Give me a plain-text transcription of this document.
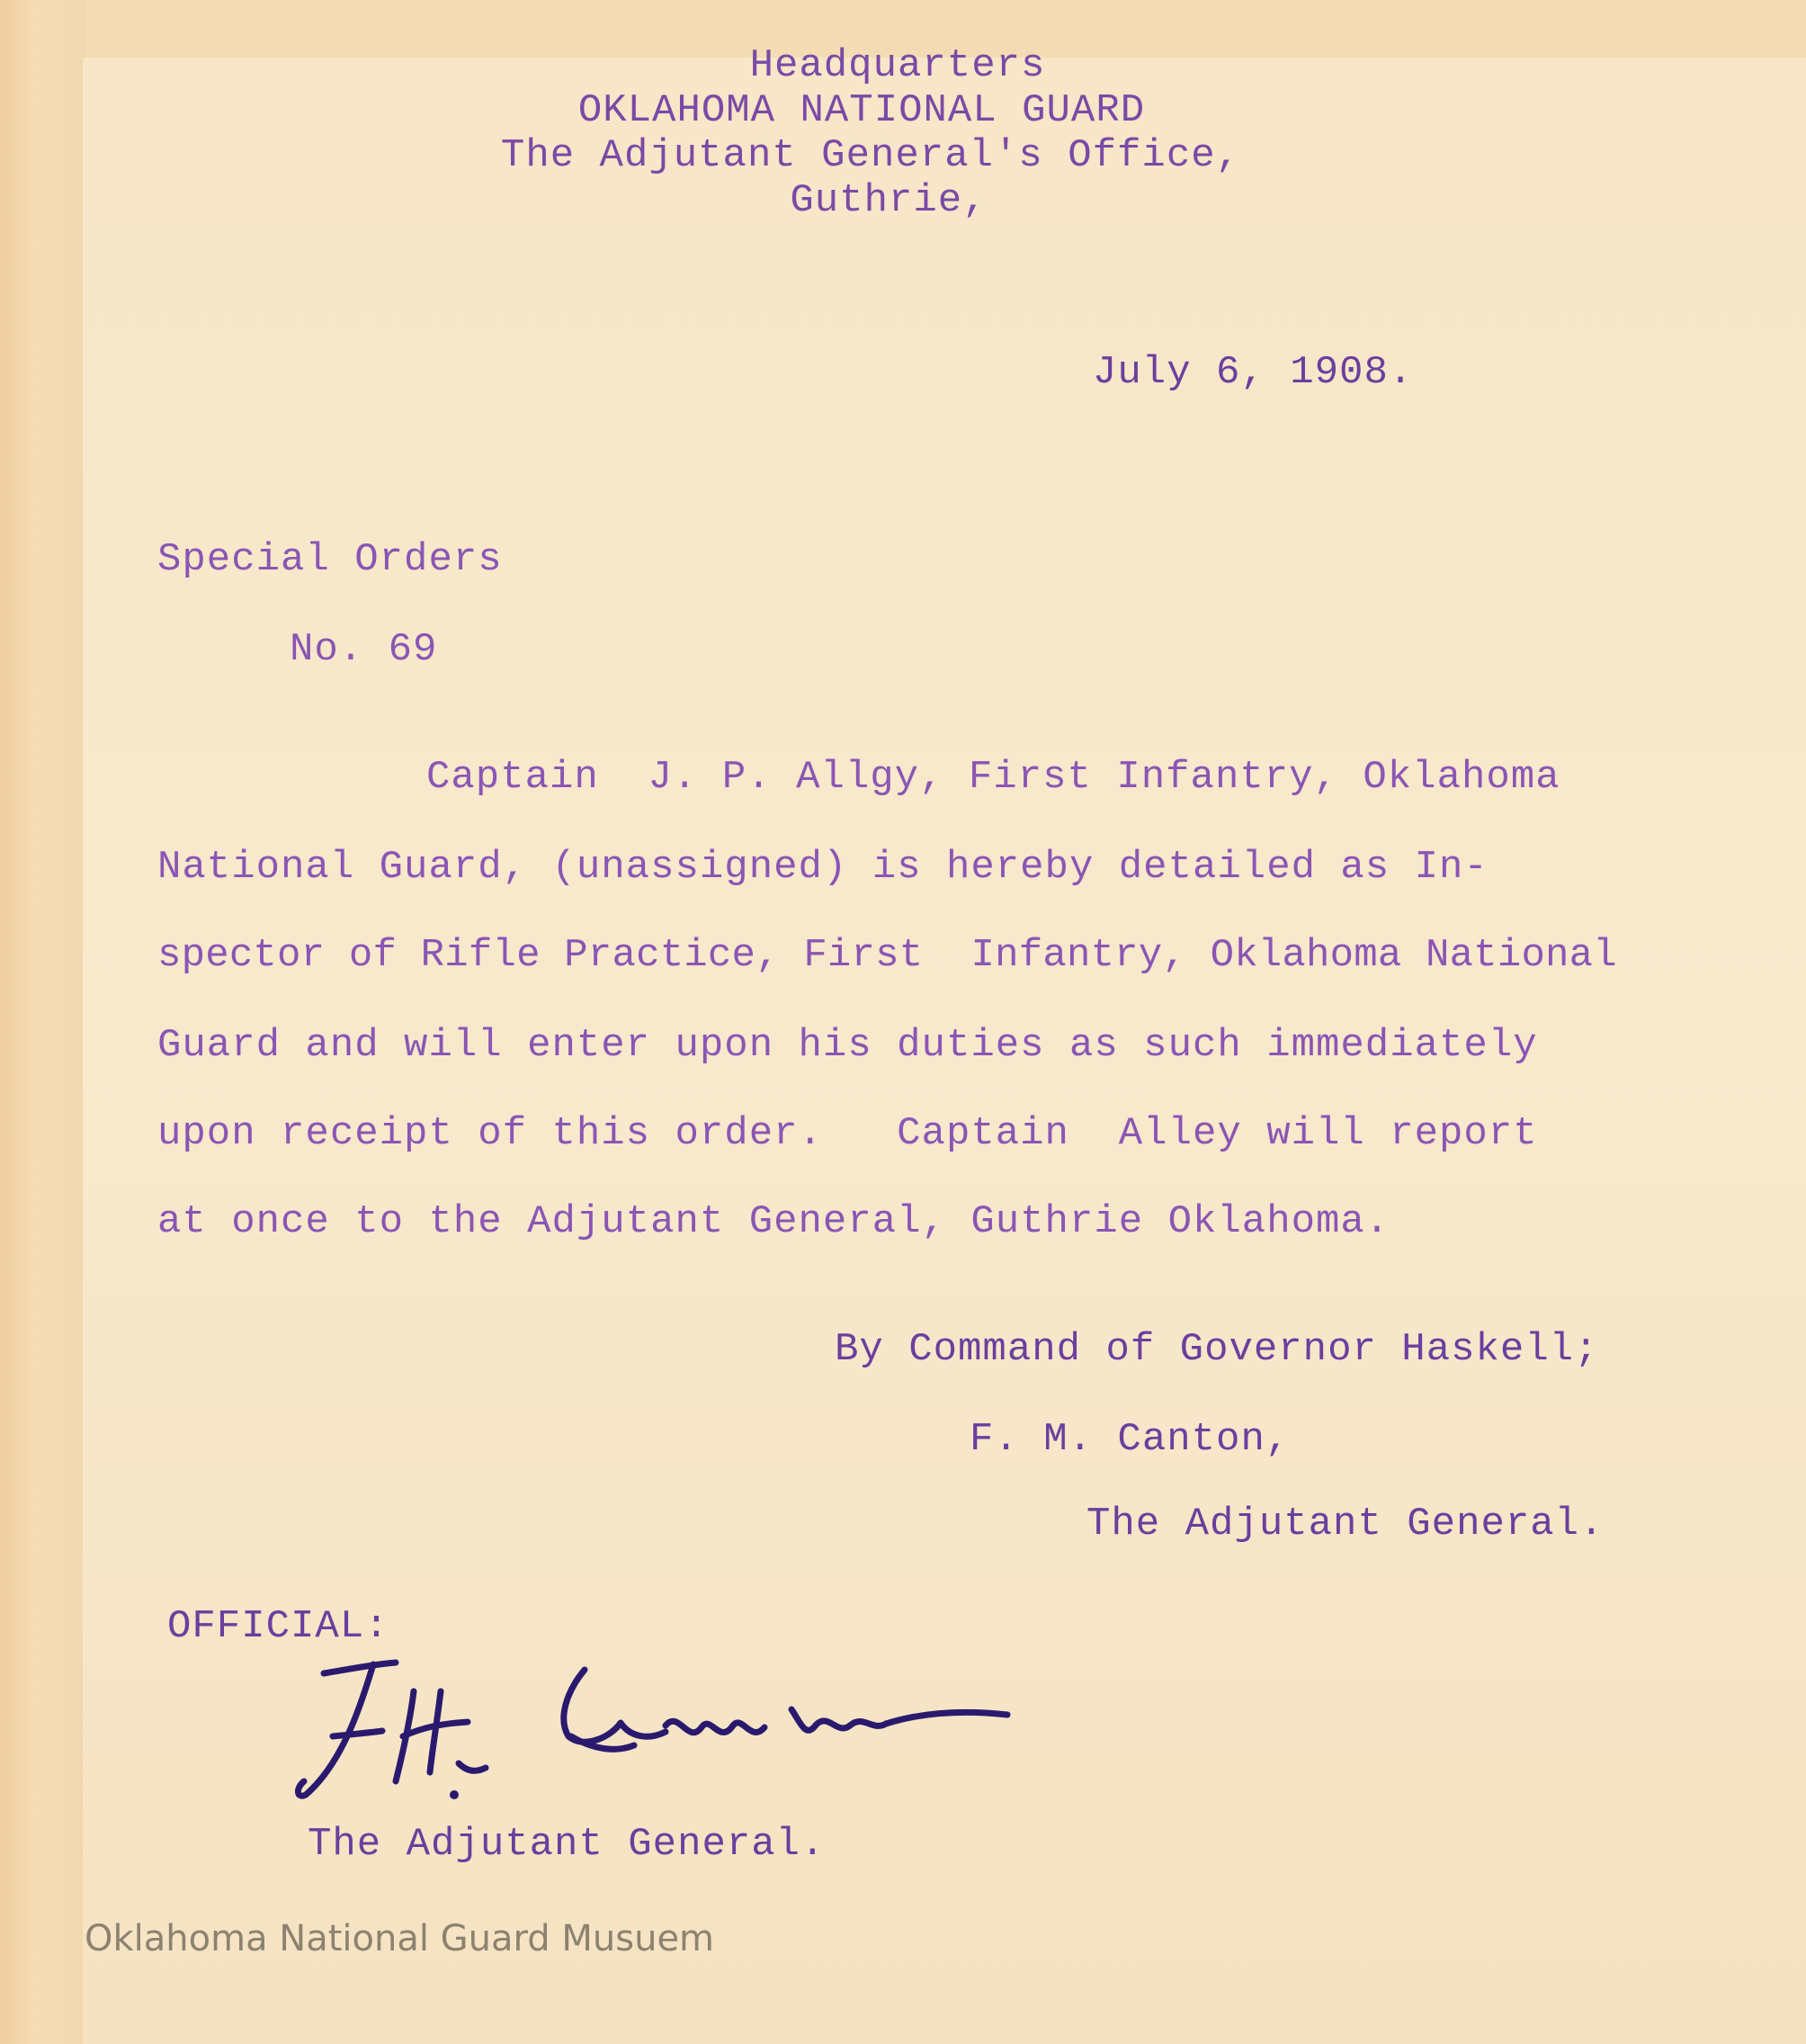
Headquarters
OKLAHOMA NATIONAL GUARD
The Adjutant General's Office,
Guthrie,
July 6, 1908.
Special Orders
No. 69
Captain  J. P. Allgy, First Infantry, Oklahoma
National Guard, (unassigned) is hereby detailed as In-
spector of Rifle Practice, First  Infantry, Oklahoma National
Guard and will enter upon his duties as such immediately
upon receipt of this order.   Captain  Alley will report
at once to the Adjutant General, Guthrie Oklahoma.
By Command of Governor Haskell;
F. M. Canton,
The Adjutant General.
OFFICIAL:
The Adjutant General.
Oklahoma National Guard Musuem
